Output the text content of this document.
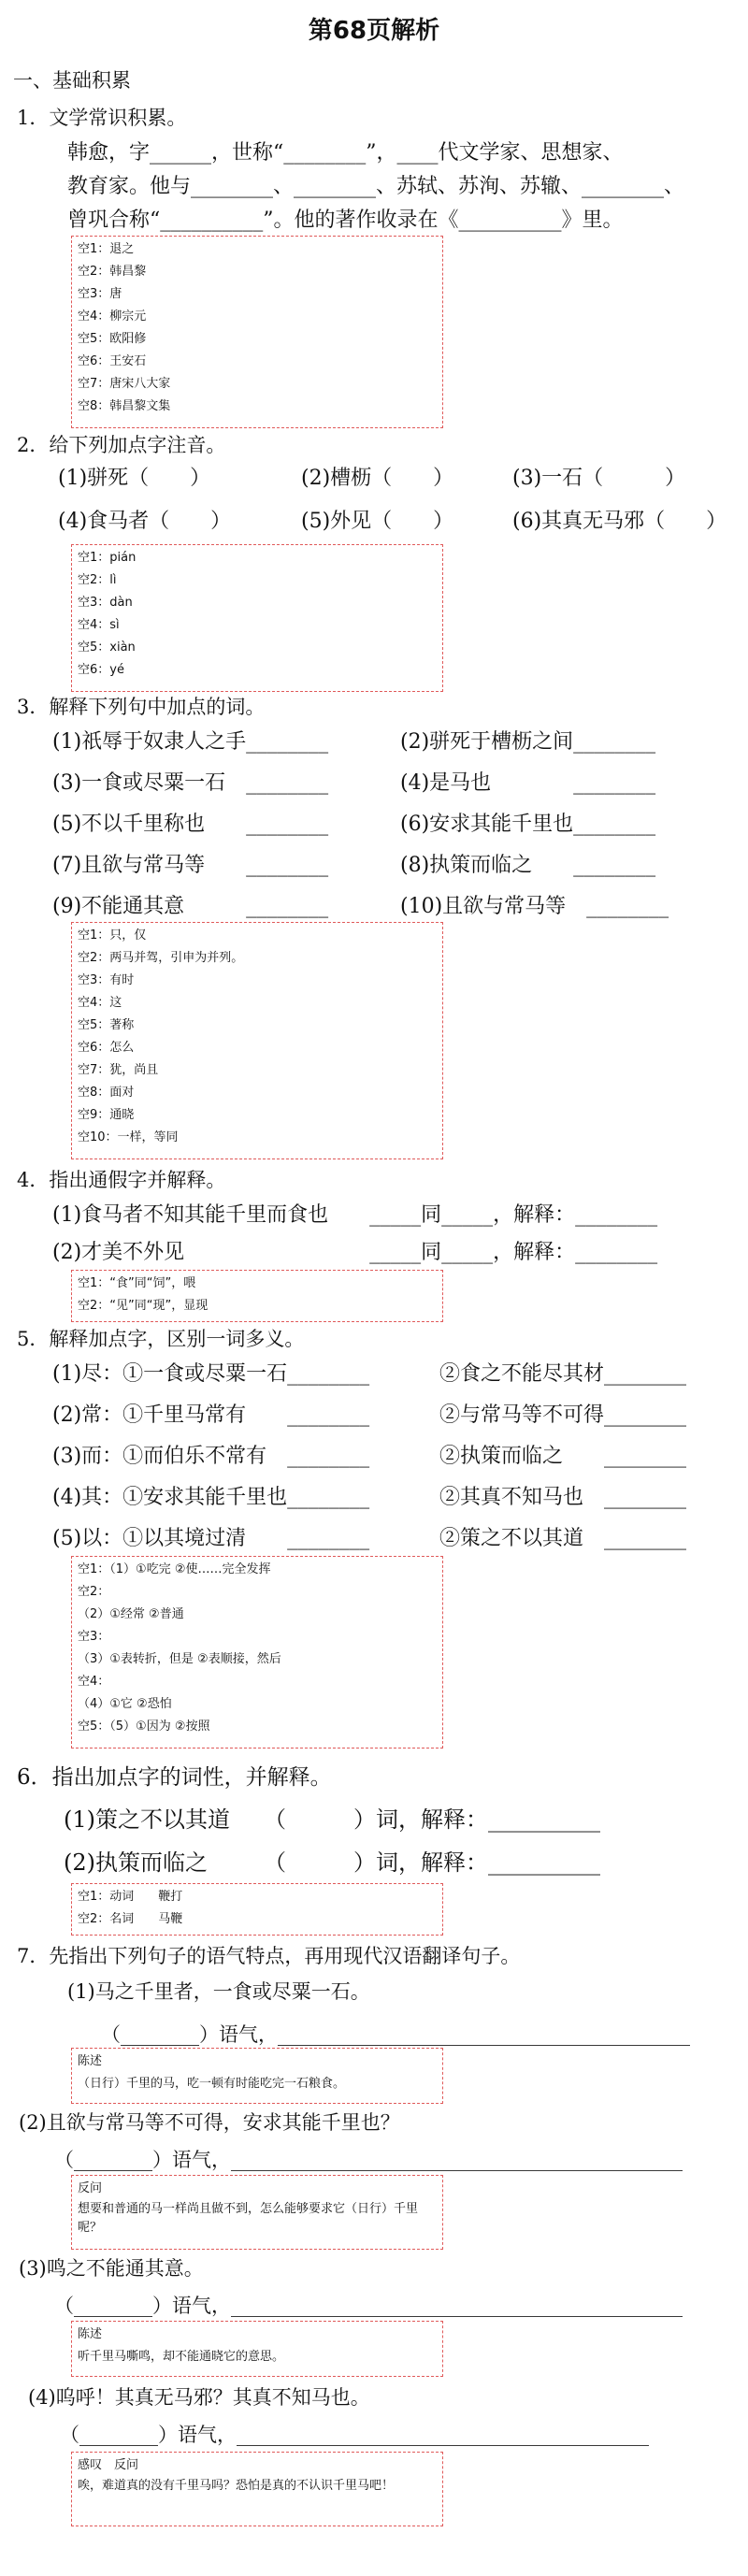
第68页解析
一、基础积累
1．文学常识积累。
韩愈，字______，世称“________”，____代文学家、思想家、
教育家。他与________、________、苏轼、苏洵、苏辙、________、
曾巩合称“__________”。他的著作收录在《__________》里。
空1：退之
空2：韩昌黎
空3：唐
空4：柳宗元
空5：欧阳修
空6：王安石
空7：唐宋八大家
空8：韩昌黎文集
2．给下列加点字注音。
(1)骈死（　　）	(2)槽枥（　　）	(3)一石（　　　）
(4)食马者（　　）	(5)外见（　　）	(6)其真无马邪（　　）
空1：pián
空2：lì
空3：dàn
空4：sì
空5：xiàn
空6：yé
3．解释下列句中加点的词。
(1)祇辱于奴隶人之手________	(2)骈死于槽枥之间________
(3)一食或尽粟一石　________	(4)是马也　　　　________
(5)不以千里称也　　________	(6)安求其能千里也________
(7)且欲与常马等　　________	(8)执策而临之　　________
(9)不能通其意　　　________	(10)且欲与常马等　________
空1：只，仅
空2：两马并驾，引申为并列。
空3：有时
空4：这
空5：著称
空6：怎么
空7：犹，尚且
空8：面对
空9：通晓
空10：一样，等同
4．指出通假字并解释。
(1)食马者不知其能千里而食也　　_____同_____，解释：________
(2)才美不外见　　　　　　　　　_____同_____，解释：________
空1：“食”同“饲”，喂
空2：“见”同“现”，显现
5．解释加点字，区别一词多义。
(1)尽：①一食或尽粟一石________	②食之不能尽其材________
(2)常：①千里马常有　　________	②与常马等不可得________
(3)而：①而伯乐不常有　________	②执策而临之　　________
(4)其：①安求其能千里也________	②其真不知马也　________
(5)以：①以其境过清　　________	②策之不以其道　________
空1：（1）①吃完 ②使……完全发挥
空2：
（2）①经常 ②普通
空3：
（3）①表转折，但是 ②表顺接，然后
空4：
（4）①它 ②恐怕
空5：（5）①因为 ②按照
6．指出加点字的词性，并解释。
(1)策之不以其道　　（　　　）词，解释：__________
(2)执策而临之　　　（　　　）词，解释：__________
空1：动词　　鞭打
空2：名词　　马鞭
7．先指出下列句子的语气特点，再用现代汉语翻译句子。
(1)马之千里者，一食或尽粟一石。
（________）语气，__________________________________________
陈述
（日行）千里的马，吃一顿有时能吃完一石粮食。
(2)且欲与常马等不可得，安求其能千里也？
（________）语气，______________________________________________
反问
想要和普通的马一样尚且做不到，怎么能够要求它（日行）千里呢？
(3)鸣之不能通其意。
（________）语气，______________________________________________
陈述
听千里马嘶鸣，却不能通晓它的意思。
(4)呜呼！其真无马邪？其真不知马也。
（________）语气，__________________________________________
感叹　反问
唉，难道真的没有千里马吗？恐怕是真的不认识千里马吧！
